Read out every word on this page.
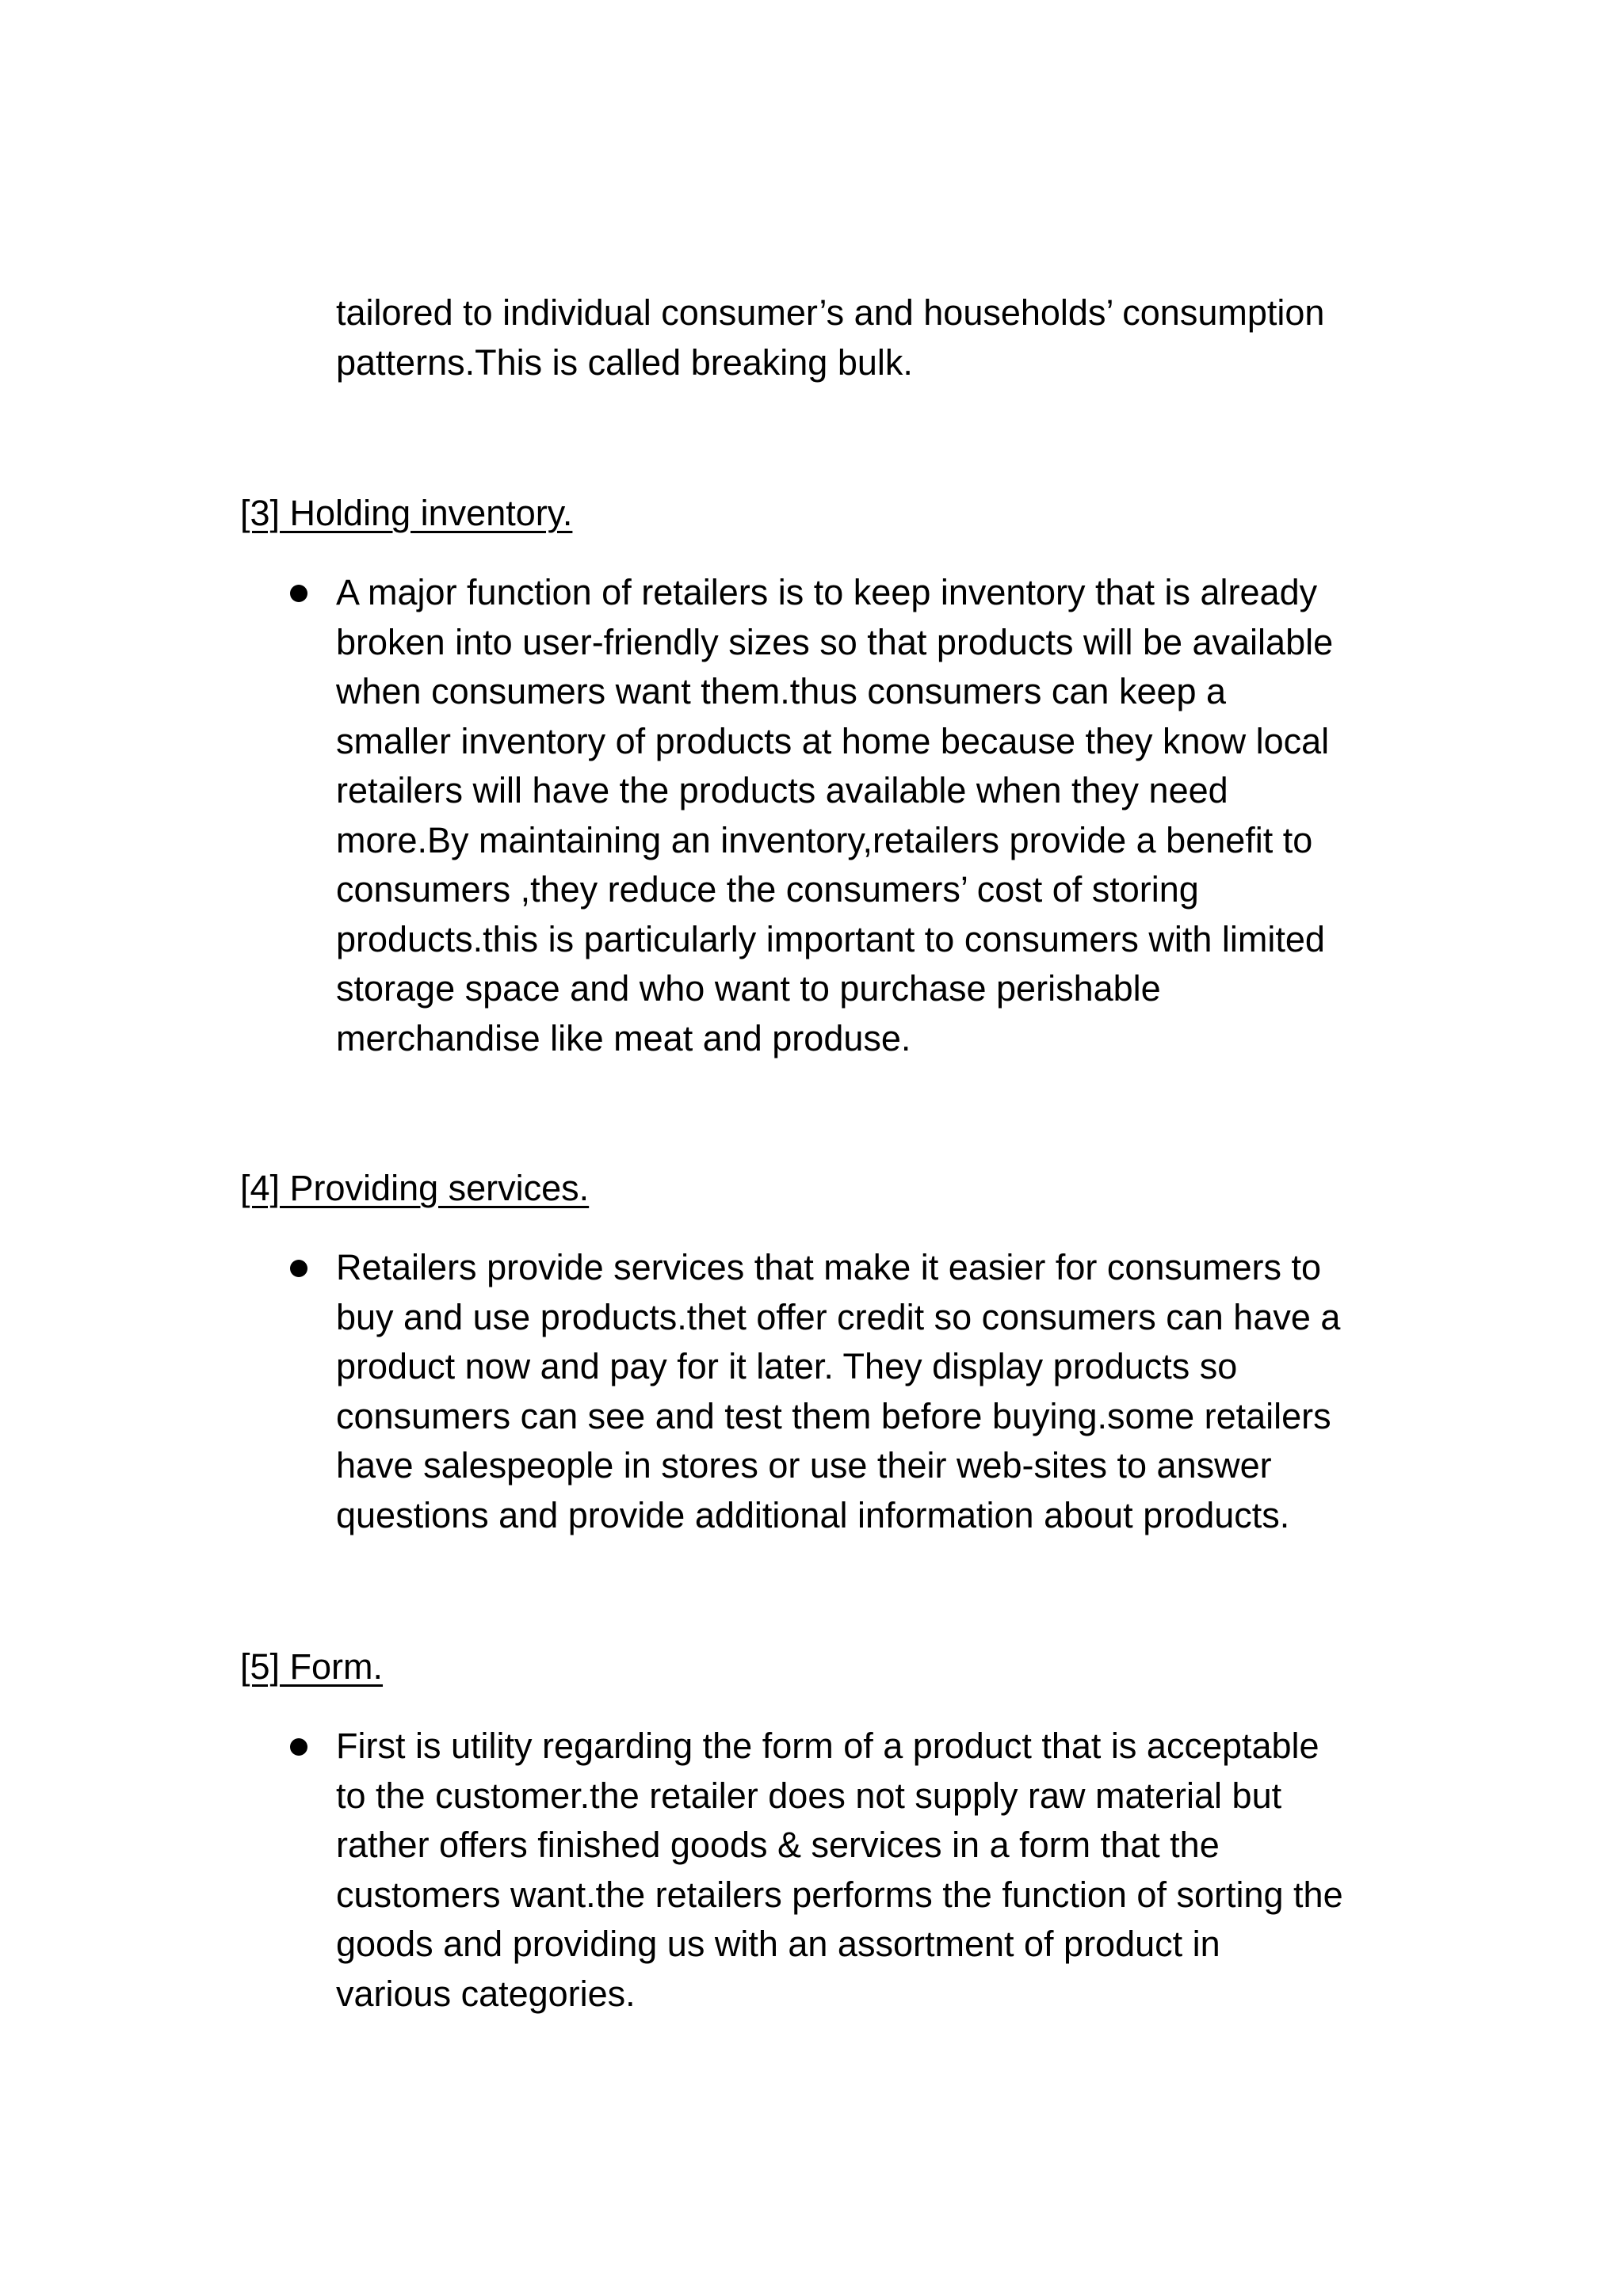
tailored to individual consumer’s and households’ consumption
patterns.This is called breaking bulk.
[3] Holding inventory.
A major function of retailers is to keep inventory that is already
broken into user-friendly sizes so that products will be available
when consumers want them.thus consumers can keep a
smaller inventory of products at home because they know local
retailers will have the products available when they need
more.By maintaining an inventory,retailers provide a benefit to
consumers ,they reduce the consumers’ cost of storing
products.this is particularly important to consumers with limited
storage space and who want to purchase perishable
merchandise like meat and produse.
[4] Providing services.
Retailers provide services that make it easier for consumers to
buy and use products.thet offer credit so consumers can have a
product now and pay for it later. They display products so
consumers can see and test them before buying.some retailers
have salespeople in stores or use their web-sites to answer
questions and provide additional information about products.
[5] Form.
First is utility regarding the form of a product that is acceptable
to the customer.the retailer does not supply raw material but
rather offers finished goods & services in a form that the
customers want.the retailers performs the function of sorting the
goods and providing us with an assortment of product in
various categories.
